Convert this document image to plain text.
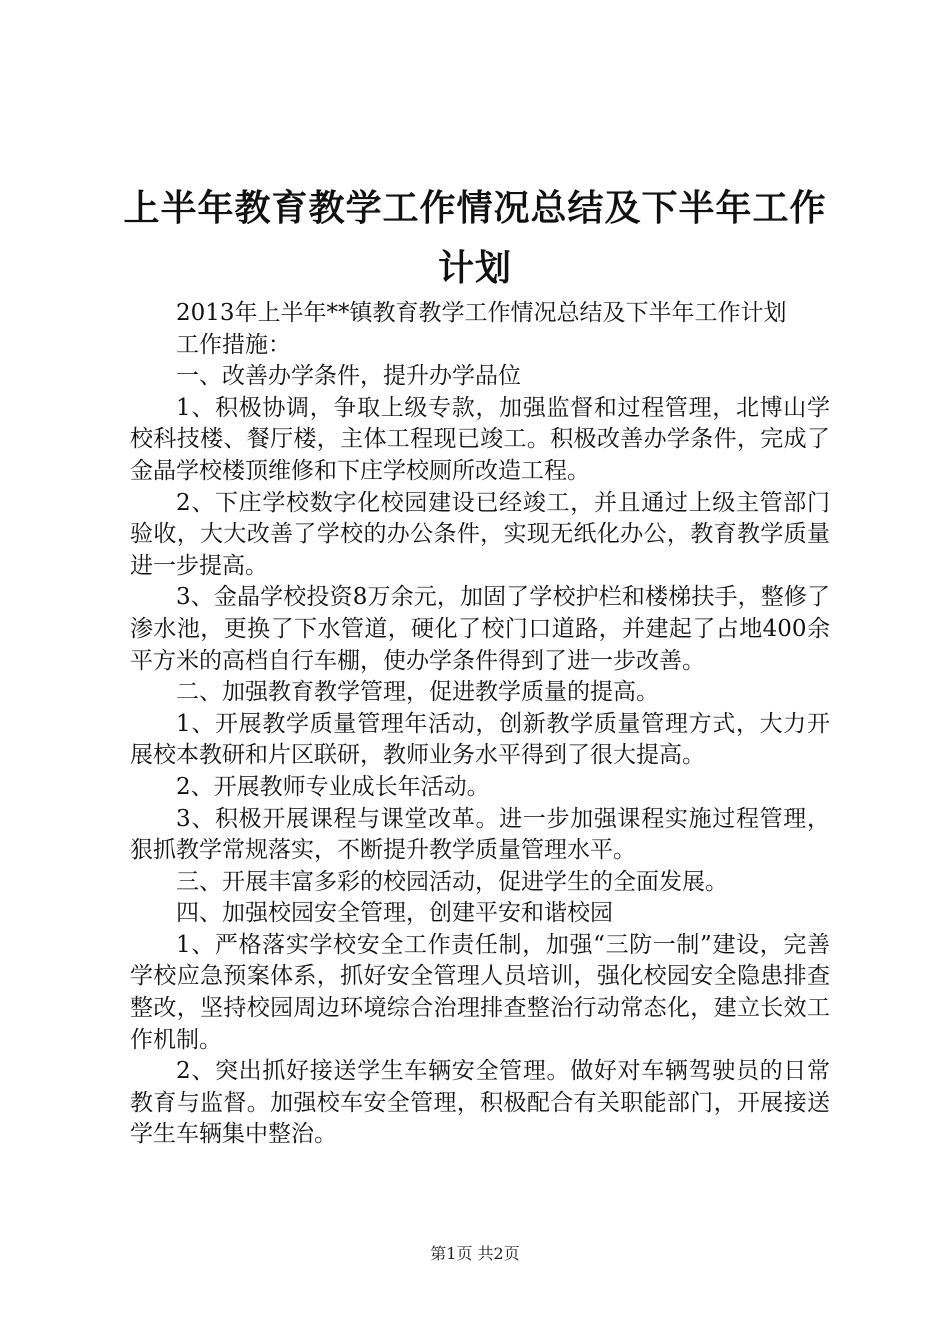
上半年教育教学工作情况总结及下半年工作计划

2013年上半年**镇教育教学工作情况总结及下半年工作计划

工作措施：

一、改善办学条件，提升办学品位

1、积极协调，争取上级专款，加强监督和过程管理，北博山学校科技楼、餐厅楼，主体工程现已竣工。积极改善办学条件，完成了金晶学校楼顶维修和下庄学校厕所改造工程。

2、下庄学校数字化校园建设已经竣工，并且通过上级主管部门验收，大大改善了学校的办公条件，实现无纸化办公，教育教学质量进一步提高。

3、金晶学校投资8万余元，加固了学校护栏和楼梯扶手，整修了渗水池，更换了下水管道，硬化了校门口道路，并建起了占地400余平方米的高档自行车棚，使办学条件得到了进一步改善。

二、加强教育教学管理，促进教学质量的提高。

1、开展教学质量管理年活动，创新教学质量管理方式，大力开展校本教研和片区联研，教师业务水平得到了很大提高。

2、开展教师专业成长年活动。

3、积极开展课程与课堂改革。进一步加强课程实施过程管理，狠抓教学常规落实，不断提升教学质量管理水平。

三、开展丰富多彩的校园活动，促进学生的全面发展。

四、加强校园安全管理，创建平安和谐校园

1、严格落实学校安全工作责任制，加强“三防一制”建设，完善学校应急预案体系，抓好安全管理人员培训，强化校园安全隐患排查整改，坚持校园周边环境综合治理排查整治行动常态化，建立长效工作机制。

2、突出抓好接送学生车辆安全管理。做好对车辆驾驶员的日常教育与监督。加强校车安全管理，积极配合有关职能部门，开展接送学生车辆集中整治。

第1页 共2页
